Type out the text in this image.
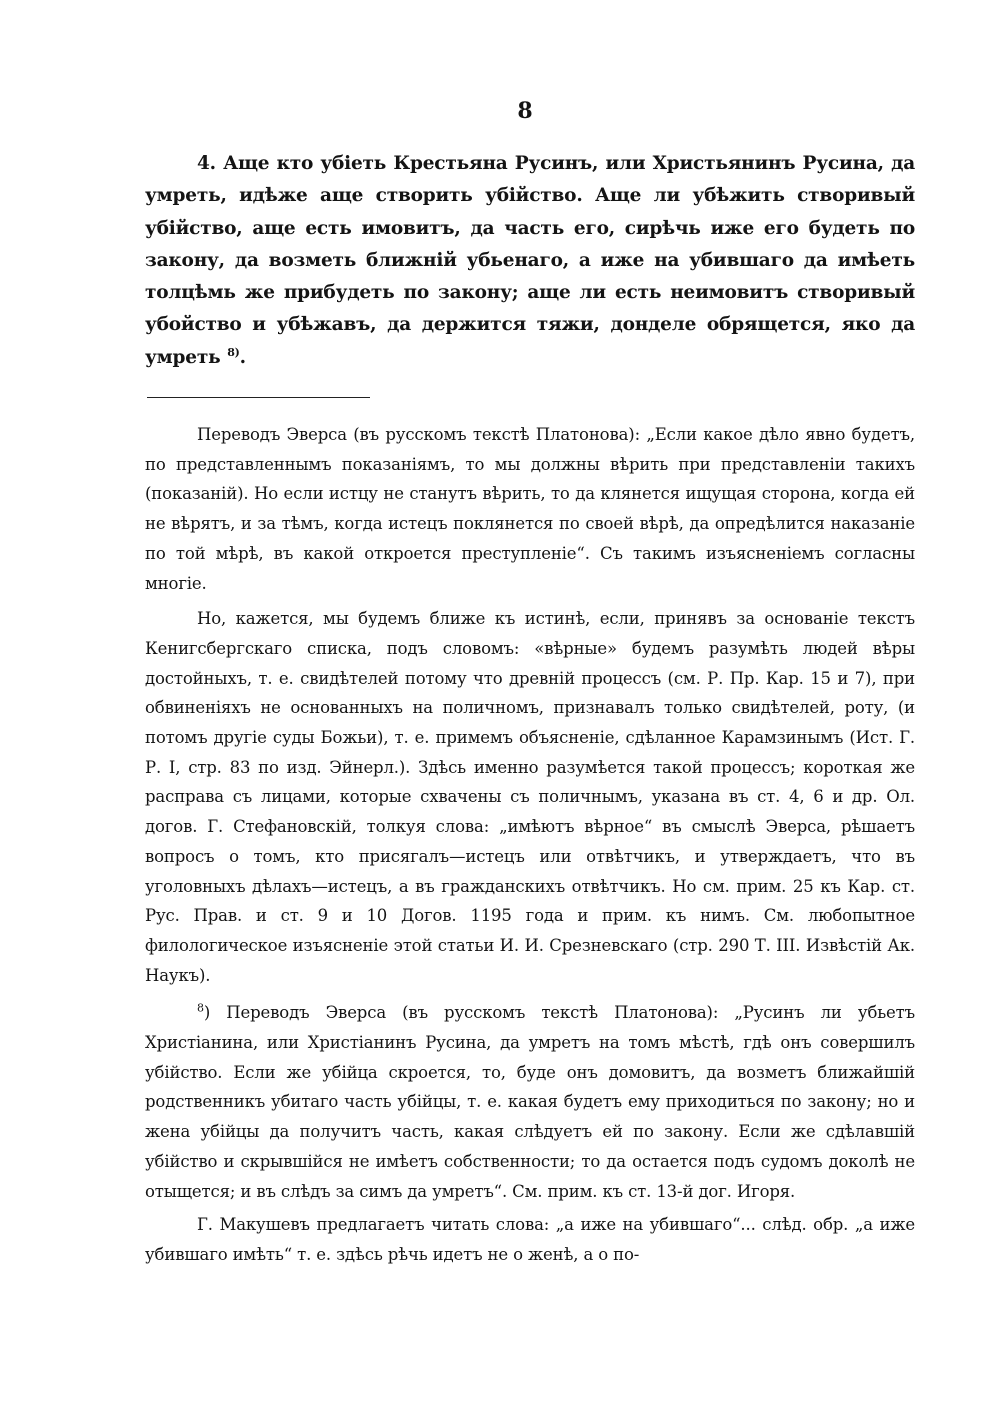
8

4. Аще кто убіеть Крестьяна Русинъ, или Христьянинъ Русина, да умреть, идѣже аще створить убійство. Аще ли убѣжить створивый убійство, аще есть имовитъ, да часть его, сирѣчь иже его будеть по закону, да возметь ближній убьенаго, а иже на убившаго да имѣеть толцѣмь же прибудеть по закону; аще ли есть неимовитъ створивый убойство и убѣжавъ, да держится тяжи, донделе обрящется, яко да умреть $^{8)}$.

Переводъ Эверса (въ русскомъ текстѣ Платонова): „Если какое дѣло явно будетъ, по представленнымъ показаніямъ, то мы должны вѣрить при представленіи такихъ (показаній). Но если истцу не станутъ вѣрить, то да клянется ищущая сторона, когда ей не вѣрятъ, и за тѣмъ, когда истецъ поклянется по своей вѣрѣ, да опредѣлится наказаніе по той мѣрѣ, въ какой откроется преступленіе“. Съ такимъ изъясненіемъ согласны многіе.

Но, кажется, мы будемъ ближе къ истинѣ, если, принявъ за основаніе текстъ Кенигсбергскаго списка, подъ словомъ: «вѣрные» будемъ разумѣть людей вѣры достойныхъ, т. е. свидѣтелей потому что древній процессъ (см. Р. Пр. Кар. 15 и 7), при обвиненіяхъ не основанныхъ на поличномъ, признавалъ только свидѣтелей, роту, (и потомъ другіе суды Божьи), т. е. примемъ объясненіе, сдѣланное Карамзинымъ (Ист. Г. Р. I, стр. 83 по изд. Эйнерл.). Здѣсь именно разумѣется такой процессъ; короткая же расправа съ лицами, которые схвачены съ поличнымъ, указана въ ст. 4, 6 и др. Ол. догов. Г. Стефановскій, толкуя слова: „имѣютъ вѣрное“ въ смыслѣ Эверса, рѣшаетъ вопросъ о томъ, кто присягалъ—истецъ или отвѣтчикъ, и утверждаетъ, что въ уголовныхъ дѣлахъ—истецъ, а въ гражданскихъ отвѣтчикъ. Но см. прим. 25 къ Кар. ст. Рус. Прав. и ст. 9 и 10 Догов. 1195 года и прим. къ нимъ. См. любопытное филологическое изъясненіе этой статьи И. И. Срезневскаго (стр. 290 Т. III. Извѣстій Ак. Наукъ).

$^8$) Переводъ Эверса (въ русскомъ текстѣ Платонова): „Русинъ ли убьетъ Христіанина, или Христіанинъ Русина, да умретъ на томъ мѣстѣ, гдѣ онъ совершилъ убійство. Если же убійца скроется, то, буде онъ домовитъ, да возметъ ближайшій родственникъ убитаго часть убійцы, т. е. какая будетъ ему приходиться по закону; но и жена убійцы да получитъ часть, какая слѣдуетъ ей по закону. Если же сдѣлавшій убійство и скрывшійся не имѣетъ собственности; то да остается подъ судомъ доколѣ не отыщется; и въ слѣдъ за симъ да умретъ“. См. прим. къ ст. 13-й дог. Игоря.

Г. Макушевъ предлагаетъ читать слова: „а иже на убившаго“... слѣд. обр. „а иже убившаго имѣть“ т. е. здѣсь рѣчь идетъ не о женѣ, а о по-
